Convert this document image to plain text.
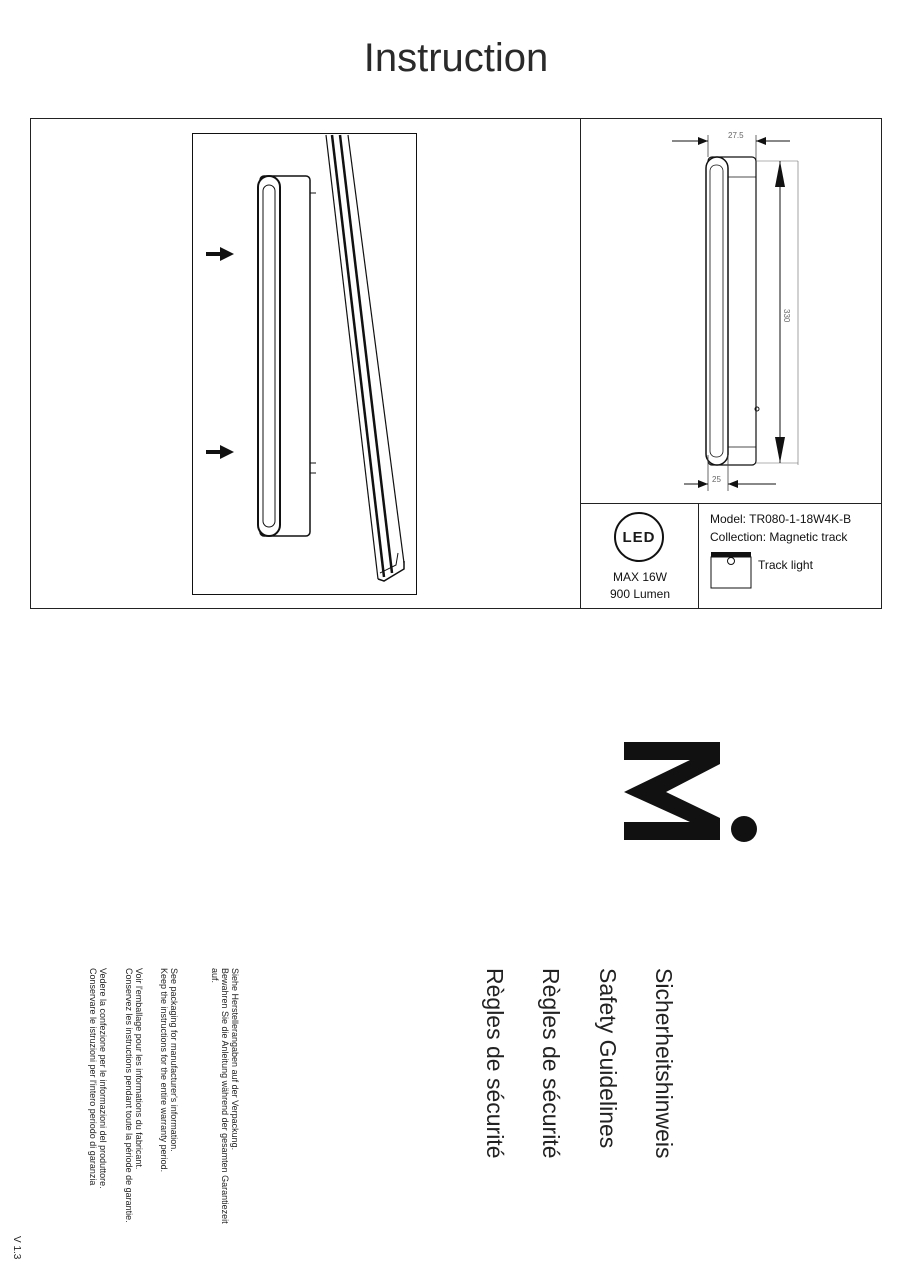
Instruction
27.5
330
25
LED
MAX 16W
900 Lumen
Model: TR080-1-18W4K-B
Collection: Magnetic track
Track light
Sicherheitshinweis
Safety Guidelines
Règles de sécurité
Règles de sécurité
Siehe Herstellerangaben auf der Verpackung.
Bewahren Sie die Anleitung während der gesamten Garantiezeit
auf.
See packaging for manufacturer's information.
Keep the instructions for the entire warranty period.
Voir l'emballage pour les informations du fabricant.
Conservez les instructions pendant toute la période de garantie.
Vedere la confezione per le informazioni del produttore.
Conservare le istruzioni per l'intero periodo di garanzia
V 1.3
